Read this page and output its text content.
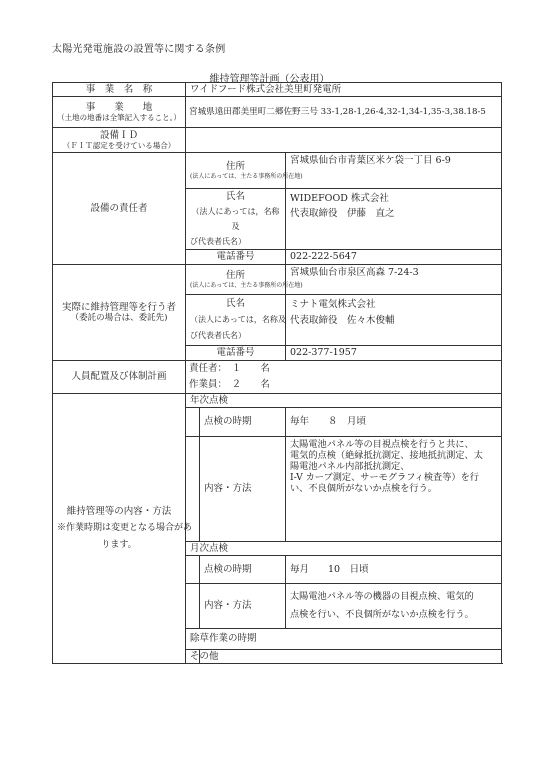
太陽光発電施設の設置等に関する条例
維持管理等計画（公表用）
事　業　名　称	ワイドフード株式会社美里町発電所			

事　　業　　地
（土地の地番は全筆記入すること。）	宮城県遠田郡美里町二郷佐野三号 33-1,28-1,26-4,32-1,34-1,35-3,38.18-5			

設備ＩＤ
（ＦＩＴ認定を受けている場合）				

設備の責任者	住所
(法人にあっては、主たる事務所の所在地)		宮城県仙台市青葉区米ケ袋一丁目 6-9	

	氏名
（法人にあっては，名称及
び代表者氏名）		WIDEFOOD 株式会社
代表取締役　伊藤　直之	

	電話番号		022-222-5647	

実際に維持管理等を行う者
（委託の場合は、委託先)	住所
(法人にあっては、主たる事務所の所在地)		宮城県仙台市泉区高森 7-24-3	

	氏名
（法人にあっては，名称及
び代表者氏名）		ミナト電気株式会社
代表取締役　佐々木俊輔	

	電話番号		022-377-1957	
人員配置及び体制計画	責任者：　１　　名
作業員：　２　　名			

維持管理等の内容・方法
※作業時期は変更となる場合があ
ります。	年次点検			
		点検の時期	毎年　　８　月頃	
		内容・方法	太陽電池パネル等の目視点検を行うと共に、
電気的点検（絶縁抵抗測定、接地抵抗測定、太
陽電池パネル内部抵抗測定、
I-V カーブ測定、サーモグラフィ検査等）を行
い、不良個所がないか点検を行う。	

	月次点検			
		点検の時期	毎月　　10　日頃	
		内容・方法	太陽電池パネル等の機器の目視点検、電気的
点検を行い、不良個所がないか点検を行う。	

	除草作業の時期	
	その他			
